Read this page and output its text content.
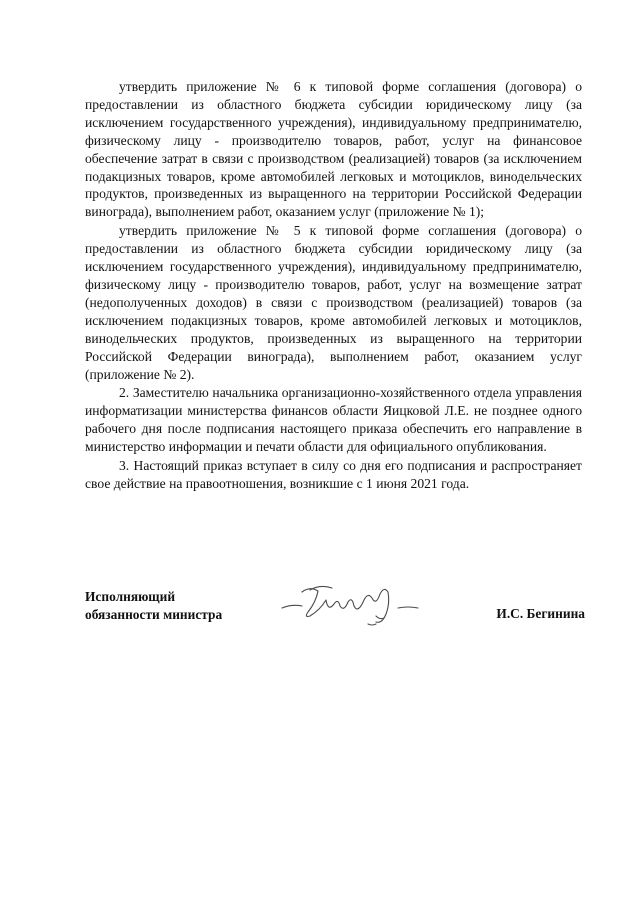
утвердить приложение № 6 к типовой форме соглашения (договора) о предоставлении из областного бюджета субсидии юридическому лицу (за исключением государственного учреждения), индивидуальному предпринимателю, физическому лицу - производителю товаров, работ, услуг на финансовое обеспечение затрат в связи с производством (реализацией) товаров (за исключением подакцизных товаров, кроме автомобилей легковых и мотоциклов, винодельческих продуктов, произведенных из выращенного на территории Российской Федерации винограда), выполнением работ, оказанием услуг (приложение № 1);

утвердить приложение № 5 к типовой форме соглашения (договора) о предоставлении из областного бюджета субсидии юридическому лицу (за исключением государственного учреждения), индивидуальному предпринимателю, физическому лицу - производителю товаров, работ, услуг на возмещение затрат (недополученных доходов) в связи с производством (реализацией) товаров (за исключением подакцизных товаров, кроме автомобилей легковых и мотоциклов, винодельческих продуктов, произведенных из выращенного на территории Российской Федерации винограда), выполнением работ, оказанием услуг (приложение № 2).

2. Заместителю начальника организационно-хозяйственного отдела управления информатизации министерства финансов области Яицковой Л.Е. не позднее одного рабочего дня после подписания настоящего приказа обеспечить его направление в министерство информации и печати области для официального опубликования.

3. Настоящий приказ вступает в силу со дня его подписания и распространяет свое действие на правоотношения, возникшие с 1 июня 2021 года.

Исполняющий
обязанности министра	И.С. Бегинина
